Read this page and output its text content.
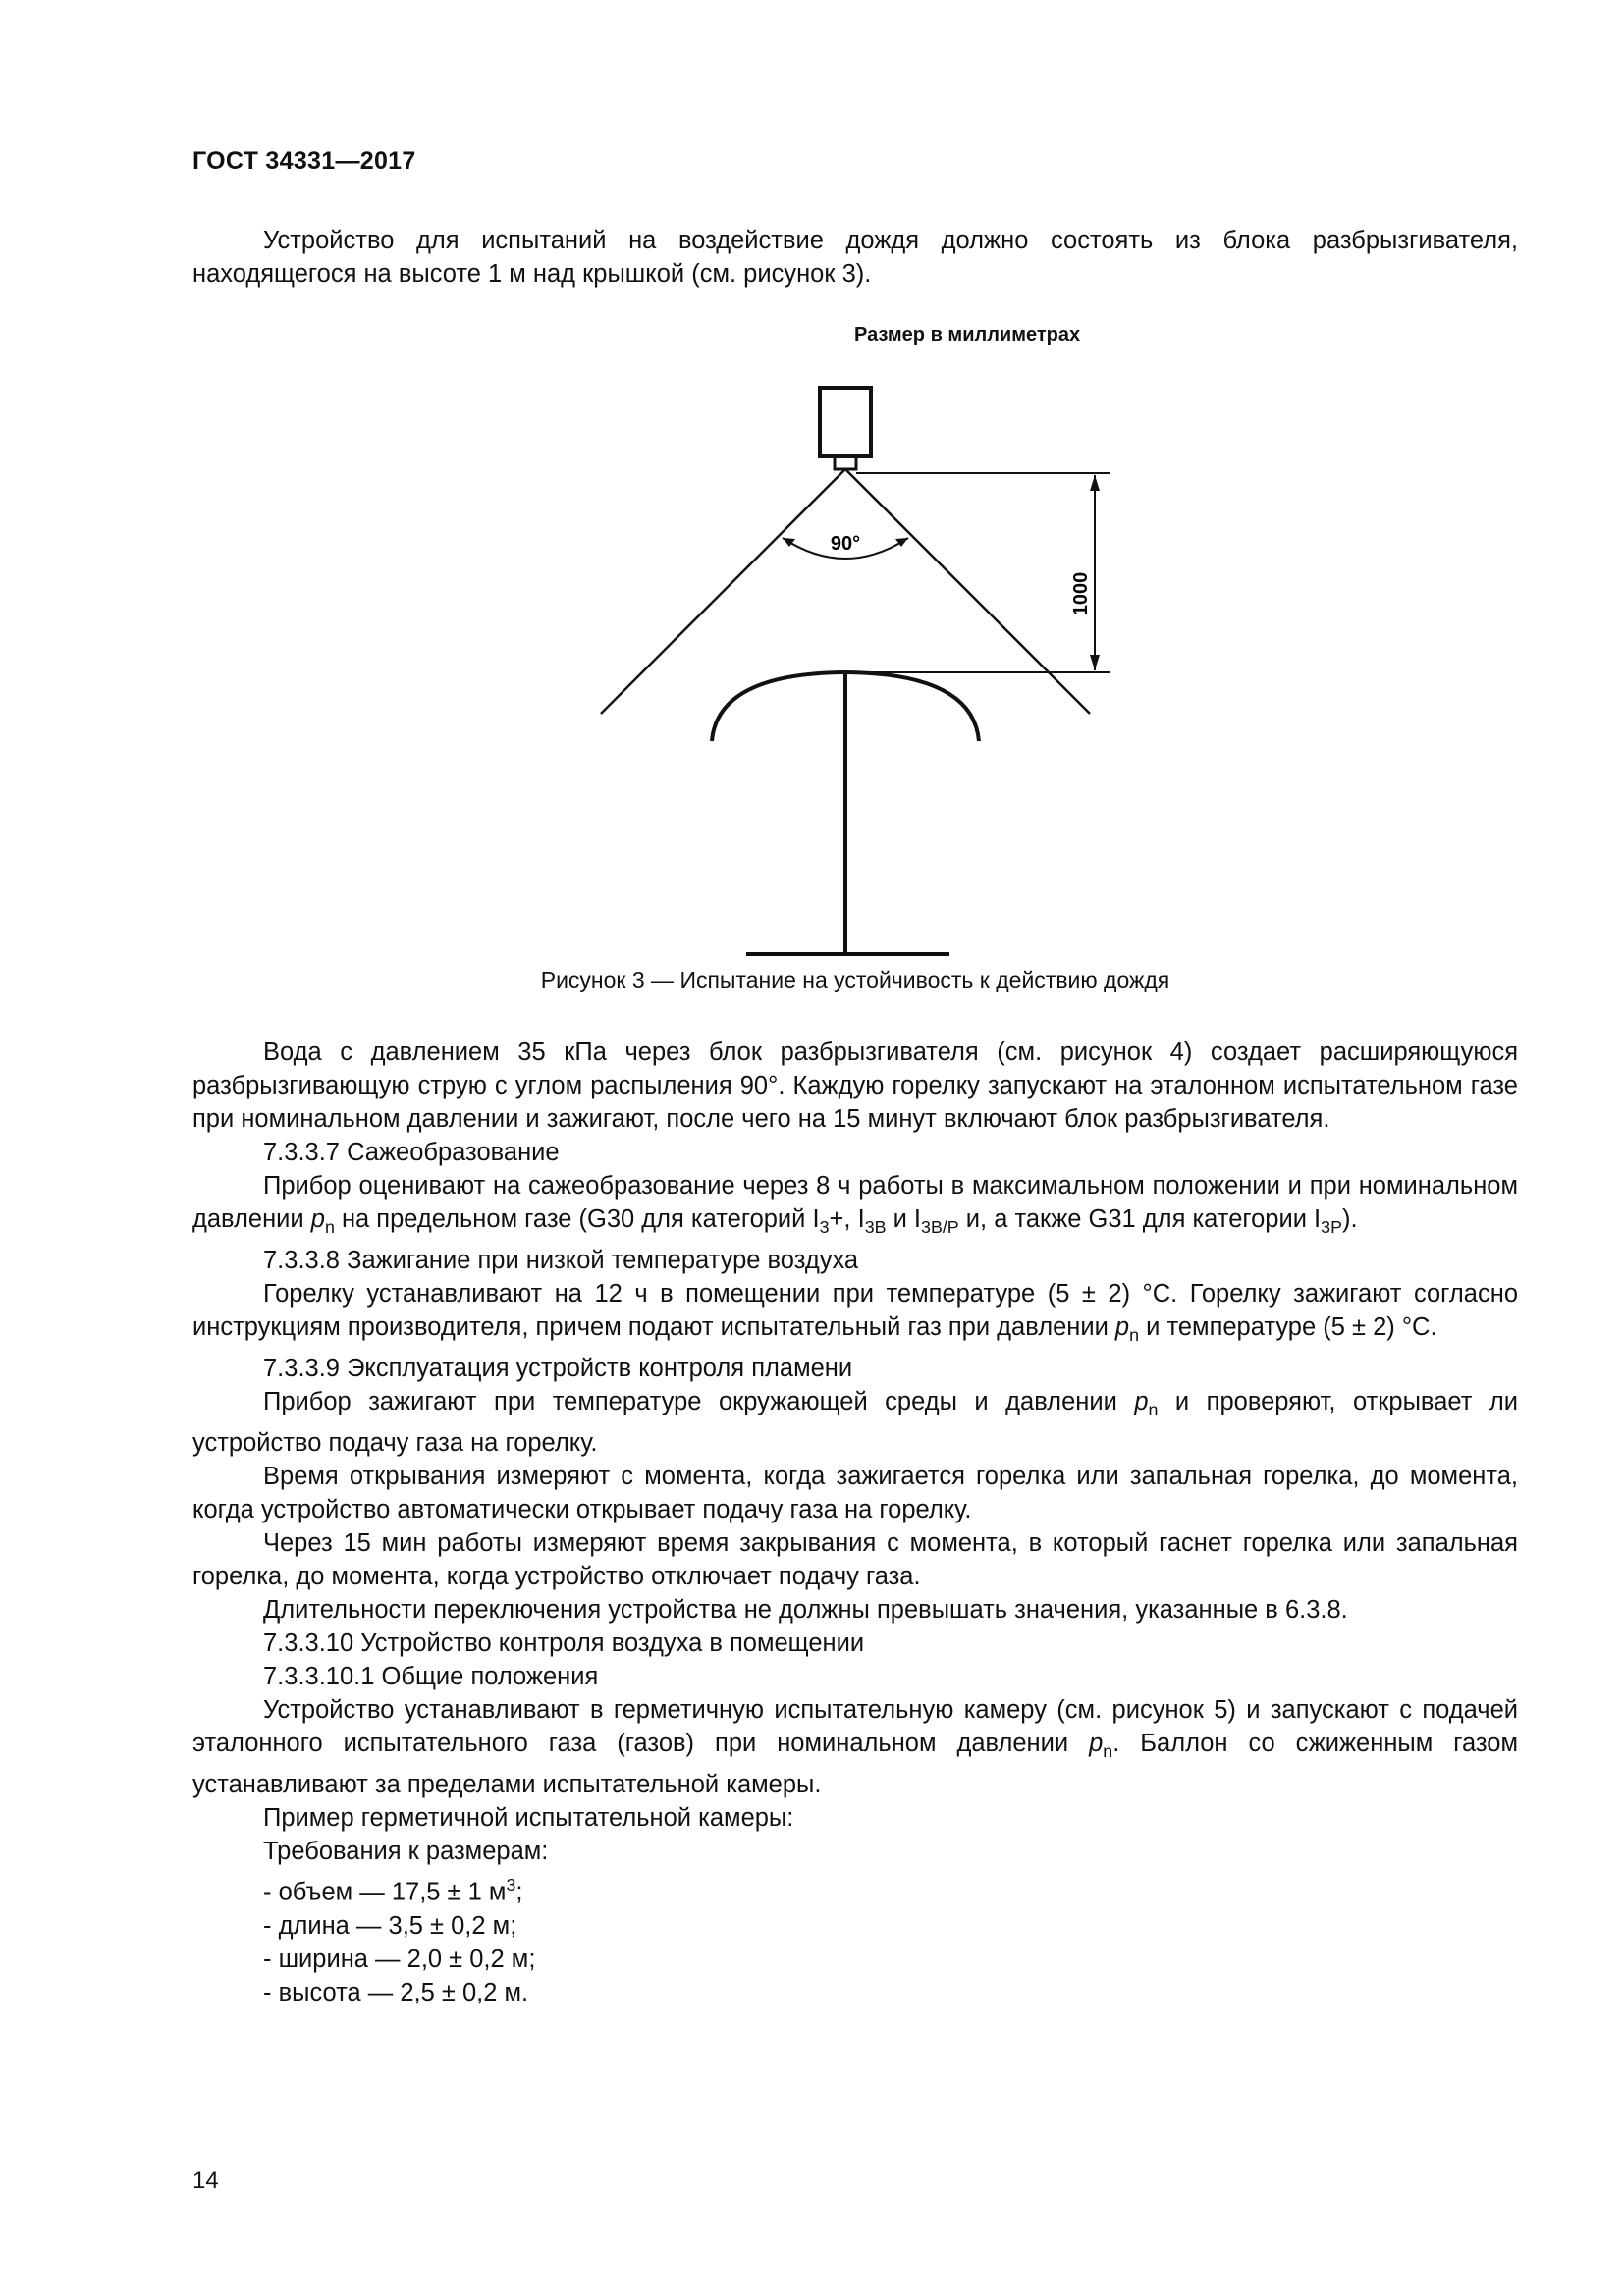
ГОСТ 34331—2017

Устройство для испытаний на воздействие дождя должно состоять из блока разбрызгивателя, находящегося на высоте 1 м над крышкой (см. рисунок 3).

Размер в миллиметрах
90°
1000
Рисунок 3 — Испытание на устойчивость к действию дождя

Вода с давлением 35 кПа через блок разбрызгивателя (см. рисунок 4) создает расширяющуюся разбрызгивающую струю с углом распыления 90°. Каждую горелку запускают на эталонном испытательном газе при номинальном давлении и зажигают, после чего на 15 минут включают блок разбрызгивателя.

7.3.3.7 Сажеобразование

Прибор оценивают на сажеобразование через 8 ч работы в максимальном положении и при номинальном давлении $p_n$ на предельном газе (G30 для категорий $I_3+$, $I_{3B}$ и $I_{3B/P}$ и, а также G31 для категории $I_{3P}$).

7.3.3.8 Зажигание при низкой температуре воздуха

Горелку устанавливают на 12 ч в помещении при температуре (5 ± 2) °С. Горелку зажигают согласно инструкциям производителя, причем подают испытательный газ при давлении $p_n$ и температуре (5 ± 2) °С.

7.3.3.9 Эксплуатация устройств контроля пламени

Прибор зажигают при температуре окружающей среды и давлении $p_n$ и проверяют, открывает ли устройство подачу газа на горелку.

Время открывания измеряют с момента, когда зажигается горелка или запальная горелка, до момента, когда устройство автоматически открывает подачу газа на горелку.

Через 15 мин работы измеряют время закрывания с момента, в который гаснет горелка или запальная горелка, до момента, когда устройство отключает подачу газа.

Длительности переключения устройства не должны превышать значения, указанные в 6.3.8.

7.3.3.10 Устройство контроля воздуха в помещении

7.3.3.10.1 Общие положения

Устройство устанавливают в герметичную испытательную камеру (см. рисунок 5) и запускают с подачей эталонного испытательного газа (газов) при номинальном давлении $p_n$. Баллон со сжиженным газом устанавливают за пределами испытательной камеры.

Пример герметичной испытательной камеры:

Требования к размерам:

- объем — 17,5 ± 1 $м^3$;

- длина — 3,5 ± 0,2 м;

- ширина — 2,0 ± 0,2 м;

- высота — 2,5 ± 0,2 м.

14
